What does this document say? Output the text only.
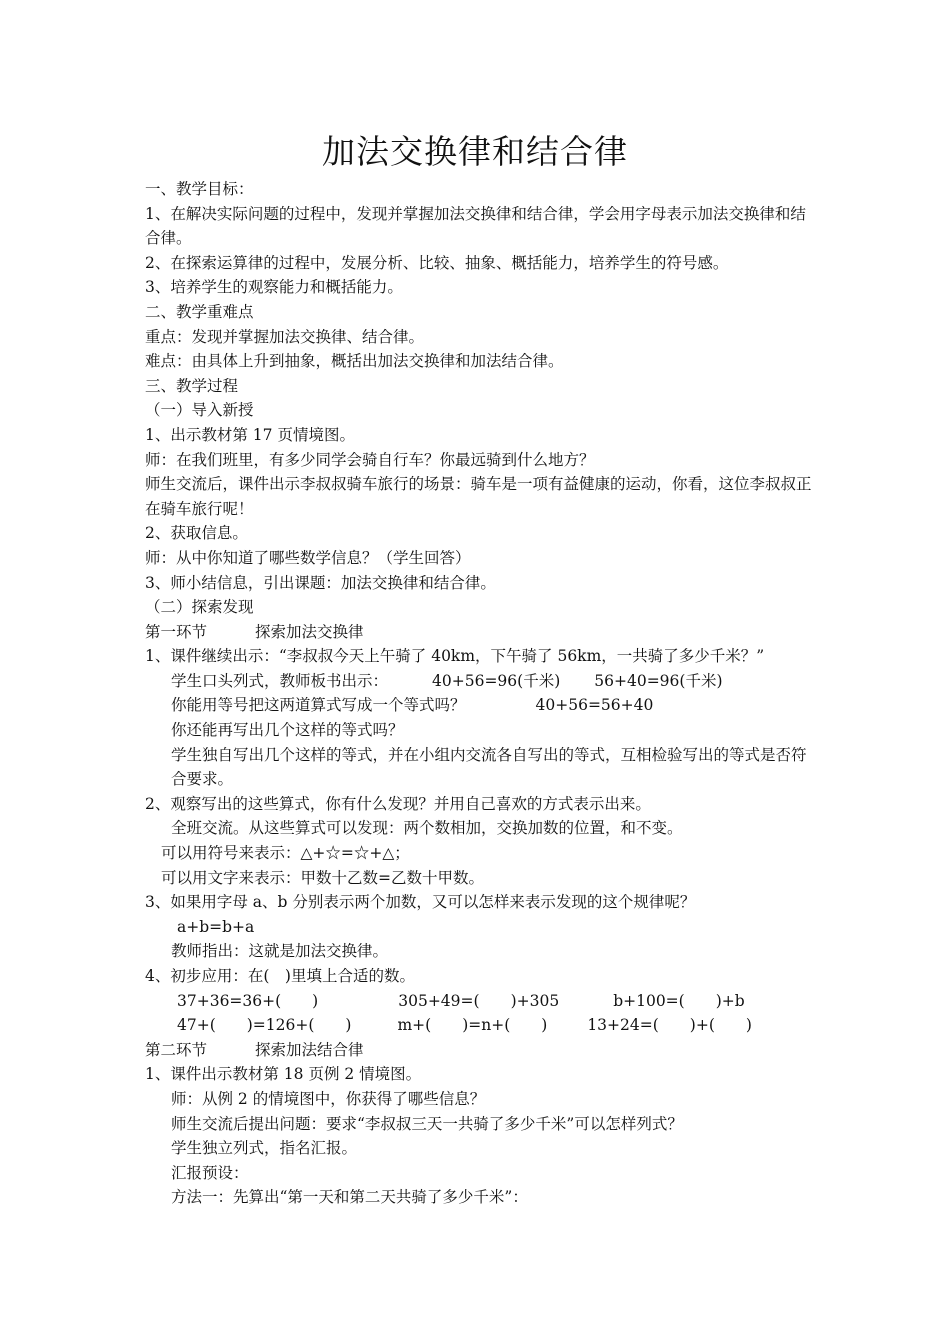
加法交换律和结合律

一、教学目标：

1、在解决实际问题的过程中，发现并掌握加法交换律和结合律，学会用字母表示加法交换律和结合律。

2、在探索运算律的过程中，发展分析、比较、抽象、概括能力，培养学生的符号感。

3、培养学生的观察能力和概括能力。

二、教学重难点

重点：发现并掌握加法交换律、结合律。

难点：由具体上升到抽象，概括出加法交换律和加法结合律。

三、教学过程

（一）导入新授

1、出示教材第 17 页情境图。

师：在我们班里，有多少同学会骑自行车？你最远骑到什么地方？

师生交流后，课件出示李叔叔骑车旅行的场景：骑车是一项有益健康的运动，你看，这位李叔叔正在骑车旅行呢！

2、获取信息。

师：从中你知道了哪些数学信息？（学生回答）

3、师小结信息，引出课题：加法交换律和结合律。

（二）探索发现

第一环节	探索加法交换律

1、课件继续出示：“李叔叔今天上午骑了 40km，下午骑了 56km，一共骑了多少千米？”

学生口头列式，教师板书出示：	40+56=96(千米) 56+40=96(千米)

你能用等号把这两道算式写成一个等式吗？	40+56=56+40

你还能再写出几个这样的等式吗？

学生独自写出几个这样的等式，并在小组内交流各自写出的等式，互相检验写出的等式是否符合要求。

2、观察写出的这些算式，你有什么发现？并用自己喜欢的方式表示出来。

全班交流。从这些算式可以发现：两个数相加，交换加数的位置，和不变。

可以用符号来表示：△+☆=☆+△；

可以用文字来表示：甲数十乙数=乙数十甲数。

3、如果用字母 a、b 分别表示两个加数，又可以怎样来表示发现的这个规律呢？

a+b=b+a

教师指出：这就是加法交换律。

4、初步应用：在(　)里填上合适的数。

37+36=36+(　　)	305+49=(　　)+305	b+100=(　　)+b

47+(　　)=126+(　　)	m+(　　)=n+(　　)	13+24=(　　)+(　　)

第二环节	探索加法结合律

1、课件出示教材第 18 页例 2 情境图。

师：从例 2 的情境图中，你获得了哪些信息？

师生交流后提出问题：要求“李叔叔三天一共骑了多少千米”可以怎样列式？

学生独立列式，指名汇报。

汇报预设：

方法一：先算出“第一天和第二天共骑了多少千米”：
